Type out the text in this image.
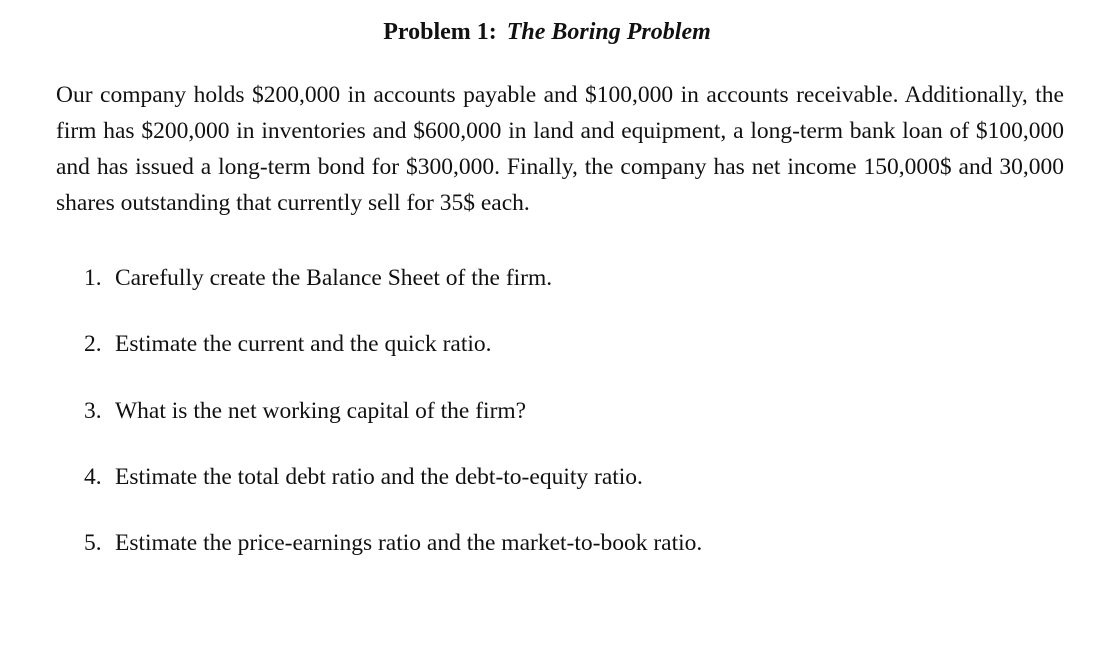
Problem 1: The Boring Problem

Our company holds $200,000 in accounts payable and $100,000 in accounts receivable. Additionally, the firm has $200,000 in inventories and $600,000 in land and equipment, a long-term bank loan of $100,000 and has issued a long-term bond for $300,000. Finally, the company has net income 150,000$ and 30,000 shares outstanding that currently sell for 35$ each.

1. Carefully create the Balance Sheet of the firm.
2. Estimate the current and the quick ratio.
3. What is the net working capital of the firm?
4. Estimate the total debt ratio and the debt-to-equity ratio.
5. Estimate the price-earnings ratio and the market-to-book ratio.
